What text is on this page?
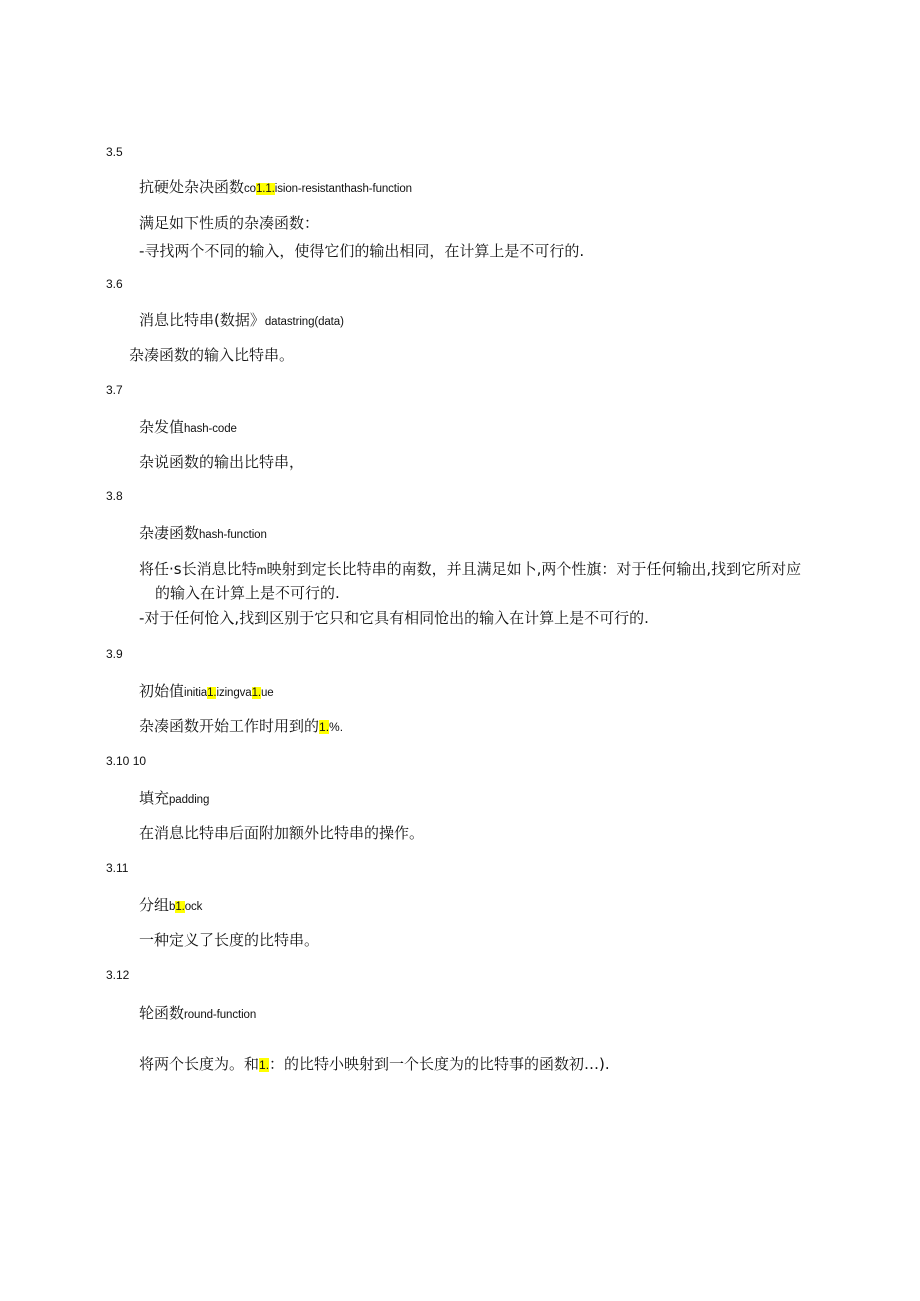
3.5
抗硬处杂决函数co1.1.ision-resistanthash-function
满足如下性质的杂凑函数：
-寻找两个不同的输入，使得它们的输出相同，在计算上是不可行的.
3.6
消息比特串(数据》datastring(data)
杂凑函数的输入比特串。
3.7
杂发值hash-code
杂说函数的输出比特串，
3.8
杂凄函数hash-function
将任·s长消息比特m映射到定长比特串的南数，并且满足如卜,两个性旗：对于任何输出,找到它所对应
的输入在计算上是不可行的.
-对于任何怆入,找到区别于它只和它具有相同怆出的输入在计算上是不可行的.
3.9
初始值initia1.izingva1.ue
杂凑函数开始工作时用到的1.%.
3.10 10
填充padding
在消息比特串后面附加额外比特串的操作。
3.11
分组b1.ock
一种定义了长度的比特串。
3.12
轮函数round-function
将两个长度为。和1.：的比特小映射到一个长度为的比特事的函数初…).
